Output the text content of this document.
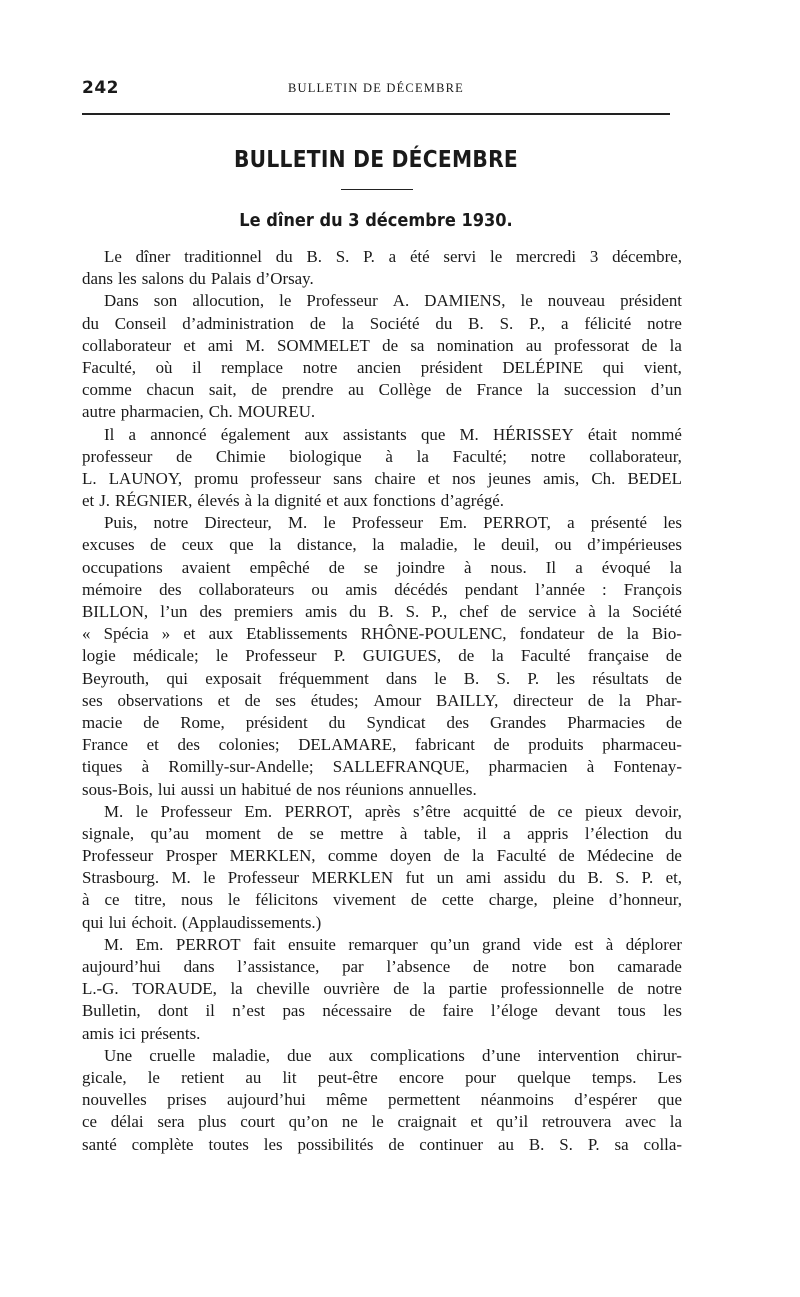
242	BULLETIN DE DÉCEMBRE
BULLETIN DE DÉCEMBRE
Le dîner du 3 décembre 1930.
Le dîner traditionnel du B. S. P. a été servi le mercredi 3 décembre,
dans les salons du Palais d’Orsay.
Dans son allocution, le Professeur A. DAMIENS, le nouveau président
du Conseil d’administration de la Société du B. S. P., a félicité notre
collaborateur et ami M. SOMMELET de sa nomination au professorat de la
Faculté, où il remplace notre ancien président DELÉPINE qui vient,
comme chacun sait, de prendre au Collège de France la succession d’un
autre pharmacien, Ch. MOUREU.
Il a annoncé également aux assistants que M. HÉRISSEY était nommé
professeur de Chimie biologique à la Faculté; notre collaborateur,
L. LAUNOY, promu professeur sans chaire et nos jeunes amis, Ch. BEDEL
et J. RÉGNIER, élevés à la dignité et aux fonctions d’agrégé.
Puis, notre Directeur, M. le Professeur Em. PERROT, a présenté les
excuses de ceux que la distance, la maladie, le deuil, ou d’impérieuses
occupations avaient empêché de se joindre à nous. Il a évoqué la
mémoire des collaborateurs ou amis décédés pendant l’année : François
BILLON, l’un des premiers amis du B. S. P., chef de service à la Société
« Spécia » et aux Etablissements RHÔNE-POULENC, fondateur de la Bio-
logie médicale; le Professeur P. GUIGUES, de la Faculté française de
Beyrouth, qui exposait fréquemment dans le B. S. P. les résultats de
ses observations et de ses études; Amour BAILLY, directeur de la Phar-
macie de Rome, président du Syndicat des Grandes Pharmacies de
France et des colonies; DELAMARE, fabricant de produits pharmaceu-
tiques à Romilly-sur-Andelle; SALLEFRANQUE, pharmacien à Fontenay-
sous-Bois, lui aussi un habitué de nos réunions annuelles.
M. le Professeur Em. PERROT, après s’être acquitté de ce pieux devoir,
signale, qu’au moment de se mettre à table, il a appris l’élection du
Professeur Prosper MERKLEN, comme doyen de la Faculté de Médecine de
Strasbourg. M. le Professeur MERKLEN fut un ami assidu du B. S. P. et,
à ce titre, nous le félicitons vivement de cette charge, pleine d’honneur,
qui lui échoit. (Applaudissements.)
M. Em. PERROT fait ensuite remarquer qu’un grand vide est à déplorer
aujourd’hui dans l’assistance, par l’absence de notre bon camarade
L.-G. TORAUDE, la cheville ouvrière de la partie professionnelle de notre
Bulletin, dont il n’est pas nécessaire de faire l’éloge devant tous les
amis ici présents.
Une cruelle maladie, due aux complications d’une intervention chirur-
gicale, le retient au lit peut-être encore pour quelque temps. Les
nouvelles prises aujourd’hui même permettent néanmoins d’espérer que
ce délai sera plus court qu’on ne le craignait et qu’il retrouvera avec la
santé complète toutes les possibilités de continuer au B. S. P. sa colla-
